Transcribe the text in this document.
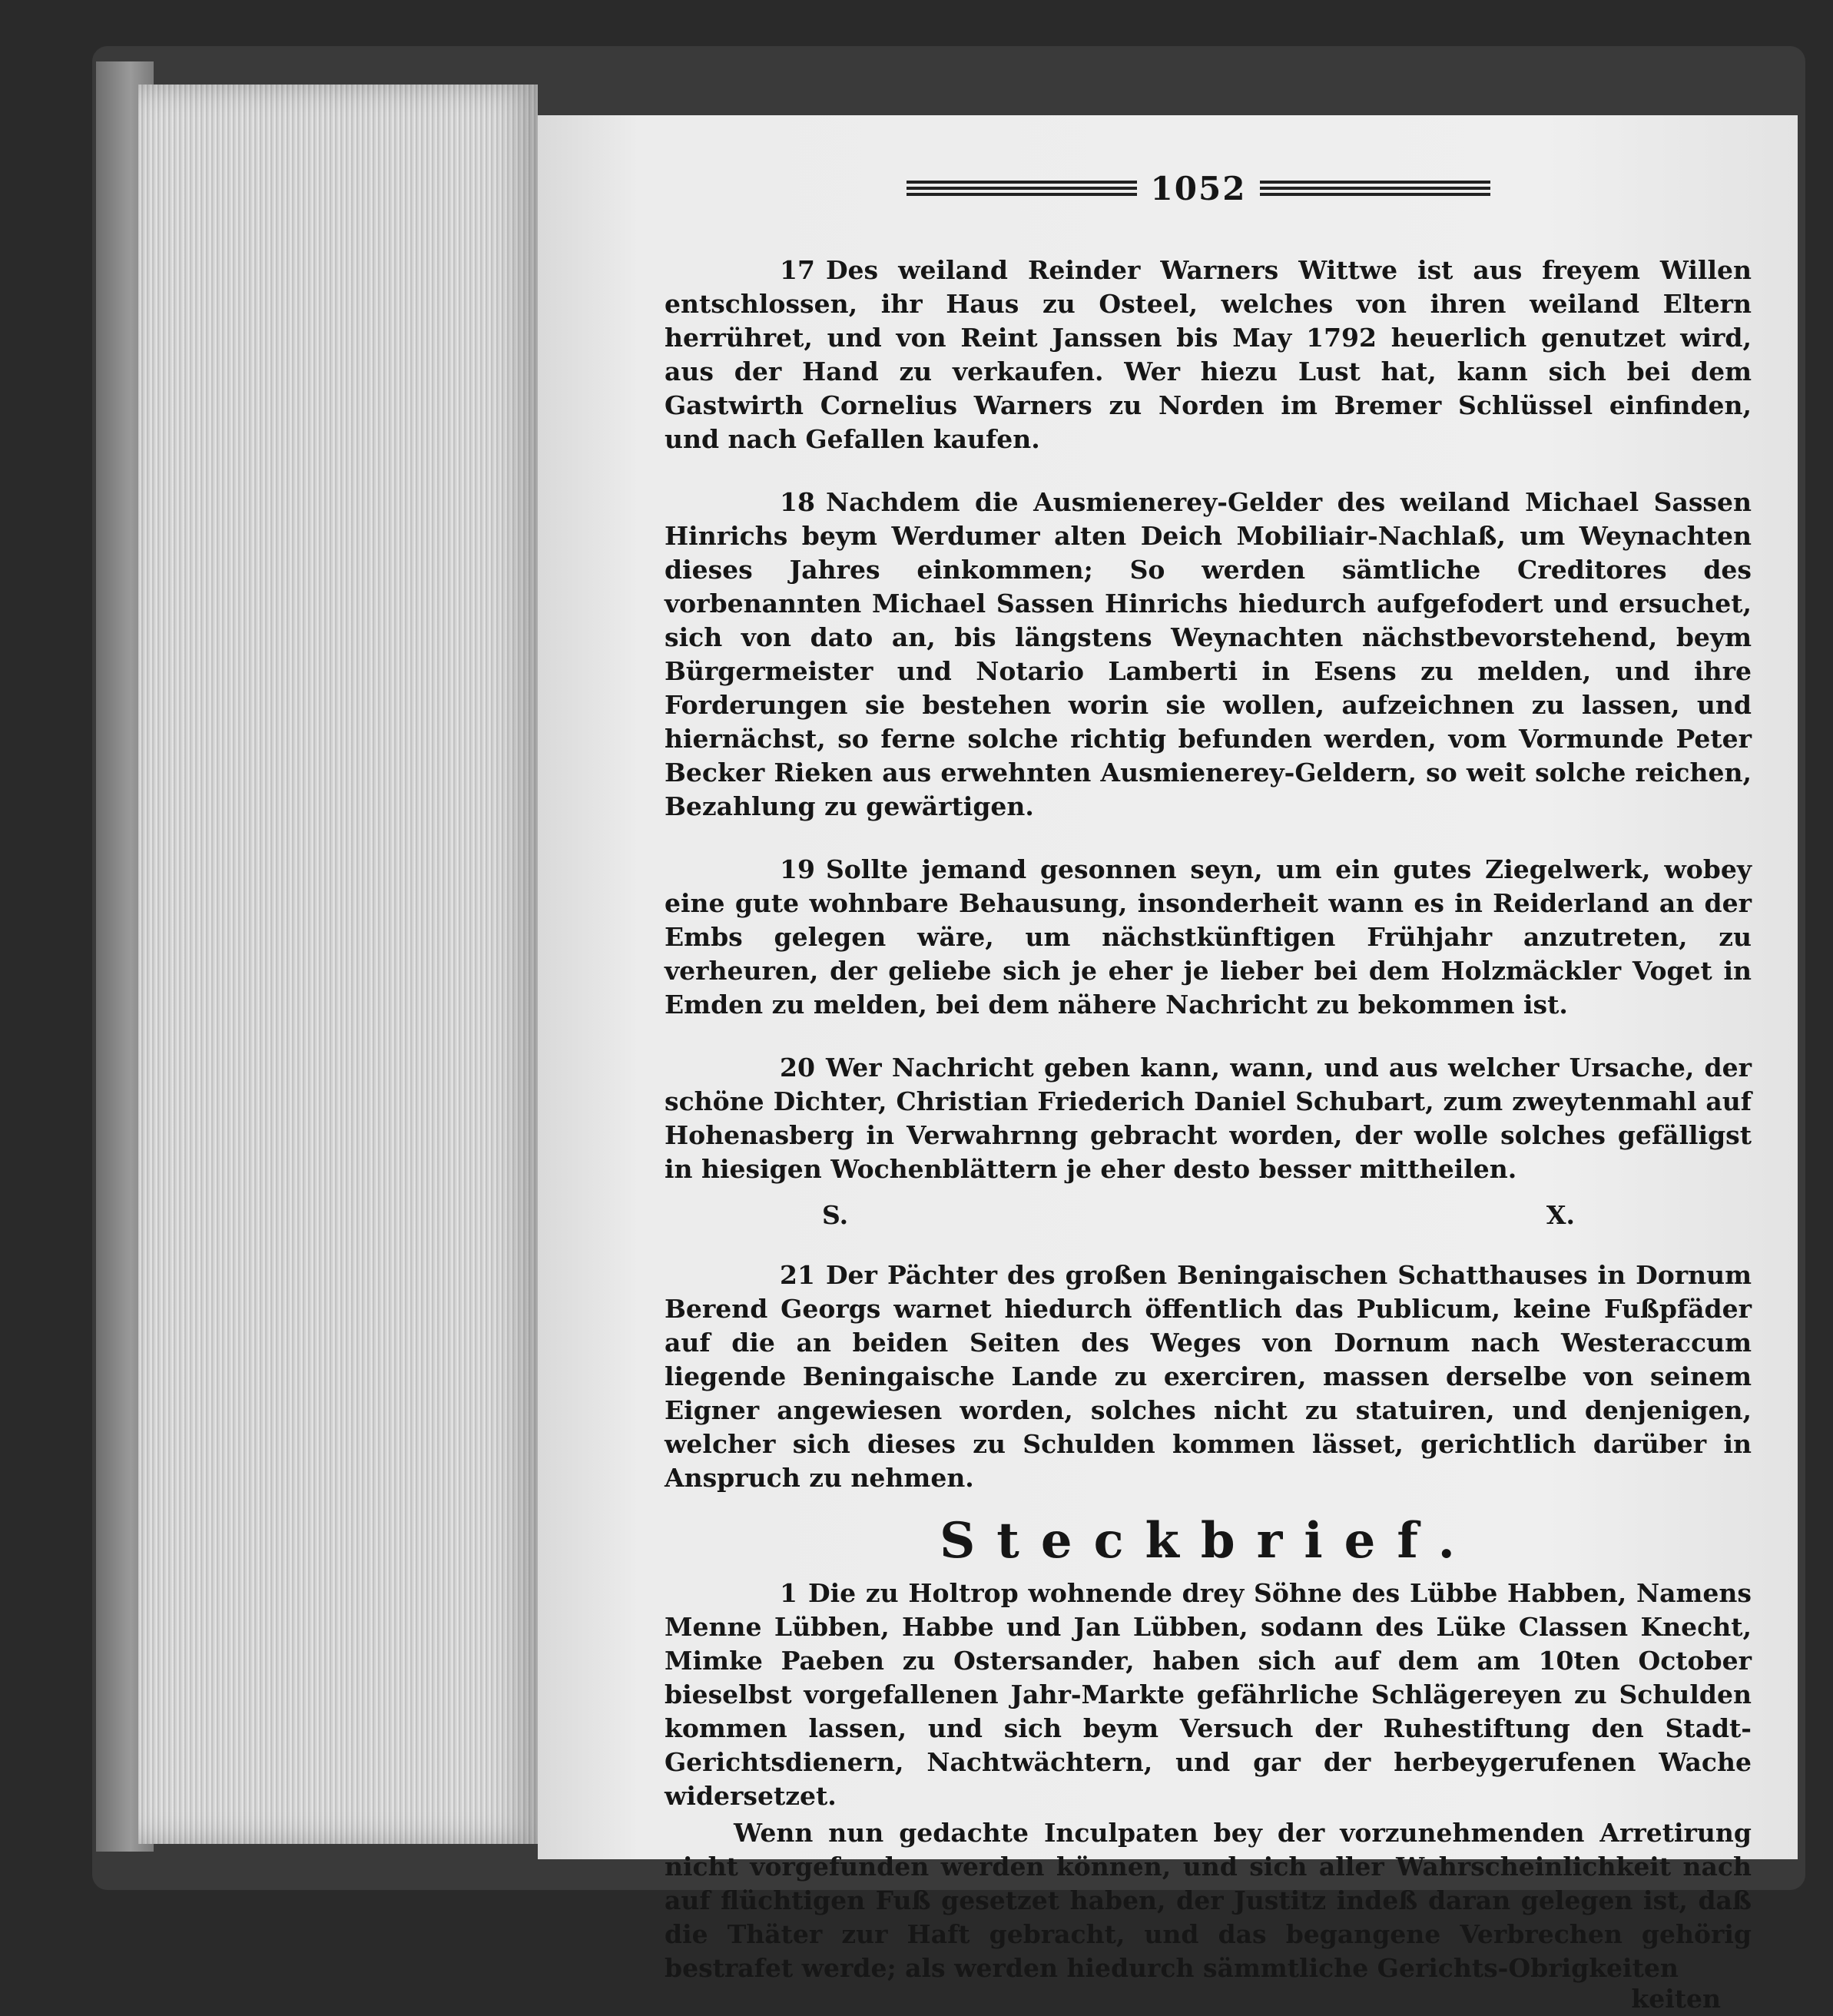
1052

17 Des weiland Reinder Warners Wittwe ist aus freyem Willen entschlossen, ihr Haus zu Osteel, welches von ihren weiland Eltern herrühret, und von Reint Janssen bis May 1792 heuerlich genutzet wird, aus der Hand zu verkaufen. Wer hiezu Lust hat, kann sich bei dem Gastwirth Cornelius Warners zu Norden im Bremer Schlüssel einfinden, und nach Gefallen kaufen.

18 Nachdem die Ausmienerey-Gelder des weiland Michael Sassen Hinrichs beym Werdumer alten Deich Mobiliair-Nachlaß, um Weynachten dieses Jahres einkommen; So werden sämtliche Creditores des vorbenannten Michael Sassen Hinrichs hiedurch aufgefodert und ersuchet, sich von dato an, bis längstens Weynachten nächstbevorstehend, beym Bürgermeister und Notario Lamberti in Esens zu melden, und ihre Forderungen sie bestehen worin sie wollen, aufzeichnen zu lassen, und hiernächst, so ferne solche richtig befunden werden, vom Vormunde Peter Becker Rieken aus erwehnten Ausmienerey-Geldern, so weit solche reichen, Bezahlung zu gewärtigen.

19 Sollte jemand gesonnen seyn, um ein gutes Ziegelwerk, wobey eine gute wohnbare Behausung, insonderheit wann es in Reiderland an der Embs gelegen wäre, um nächstkünftigen Frühjahr anzutreten, zu verheuren, der geliebe sich je eher je lieber bei dem Holzmäckler Voget in Emden zu melden, bei dem nähere Nachricht zu bekommen ist.

20 Wer Nachricht geben kann, wann, und aus welcher Ursache, der schöne Dichter, Christian Friederich Daniel Schubart, zum zweytenmahl auf Hohenasberg in Verwahrnng gebracht worden, der wolle solches gefälligst in hiesigen Wochenblättern je eher desto besser mittheilen.

S.	X.

21 Der Pächter des großen Beningaischen Schatthauses in Dornum Berend Georgs warnet hiedurch öffentlich das Publicum, keine Fußpfäder auf die an beiden Seiten des Weges von Dornum nach Westeraccum liegende Beningaische Lande zu exerciren, massen derselbe von seinem Eigner angewiesen worden, solches nicht zu statuiren, und denjenigen, welcher sich dieses zu Schulden kommen lässet, gerichtlich darüber in Anspruch zu nehmen.

Steckbrief.

1 Die zu Holtrop wohnende drey Söhne des Lübbe Habben, Namens Menne Lübben, Habbe und Jan Lübben, sodann des Lüke Classen Knecht, Mimke Paeben zu Ostersander, haben sich auf dem am 10ten October bieselbst vorgefallenen Jahr-Markte gefährliche Schlägereyen zu Schulden kommen lassen, und sich beym Versuch der Ruhestiftung den Stadt-Gerichtsdienern, Nachtwächtern, und gar der herbeygerufenen Wache widersetzet.

Wenn nun gedachte Inculpaten bey der vorzunehmenden Arretirung nicht vorgefunden werden können, und sich aller Wahrscheinlichkeit nach auf flüchtigen Fuß gesetzet haben, der Justitz indeß daran gelegen ist, daß die Thäter zur Haft gebracht, und das begangene Verbrechen gehörig bestrafet werde; als werden hiedurch sämmtliche Gerichts-Obrigkeiten

keiten
